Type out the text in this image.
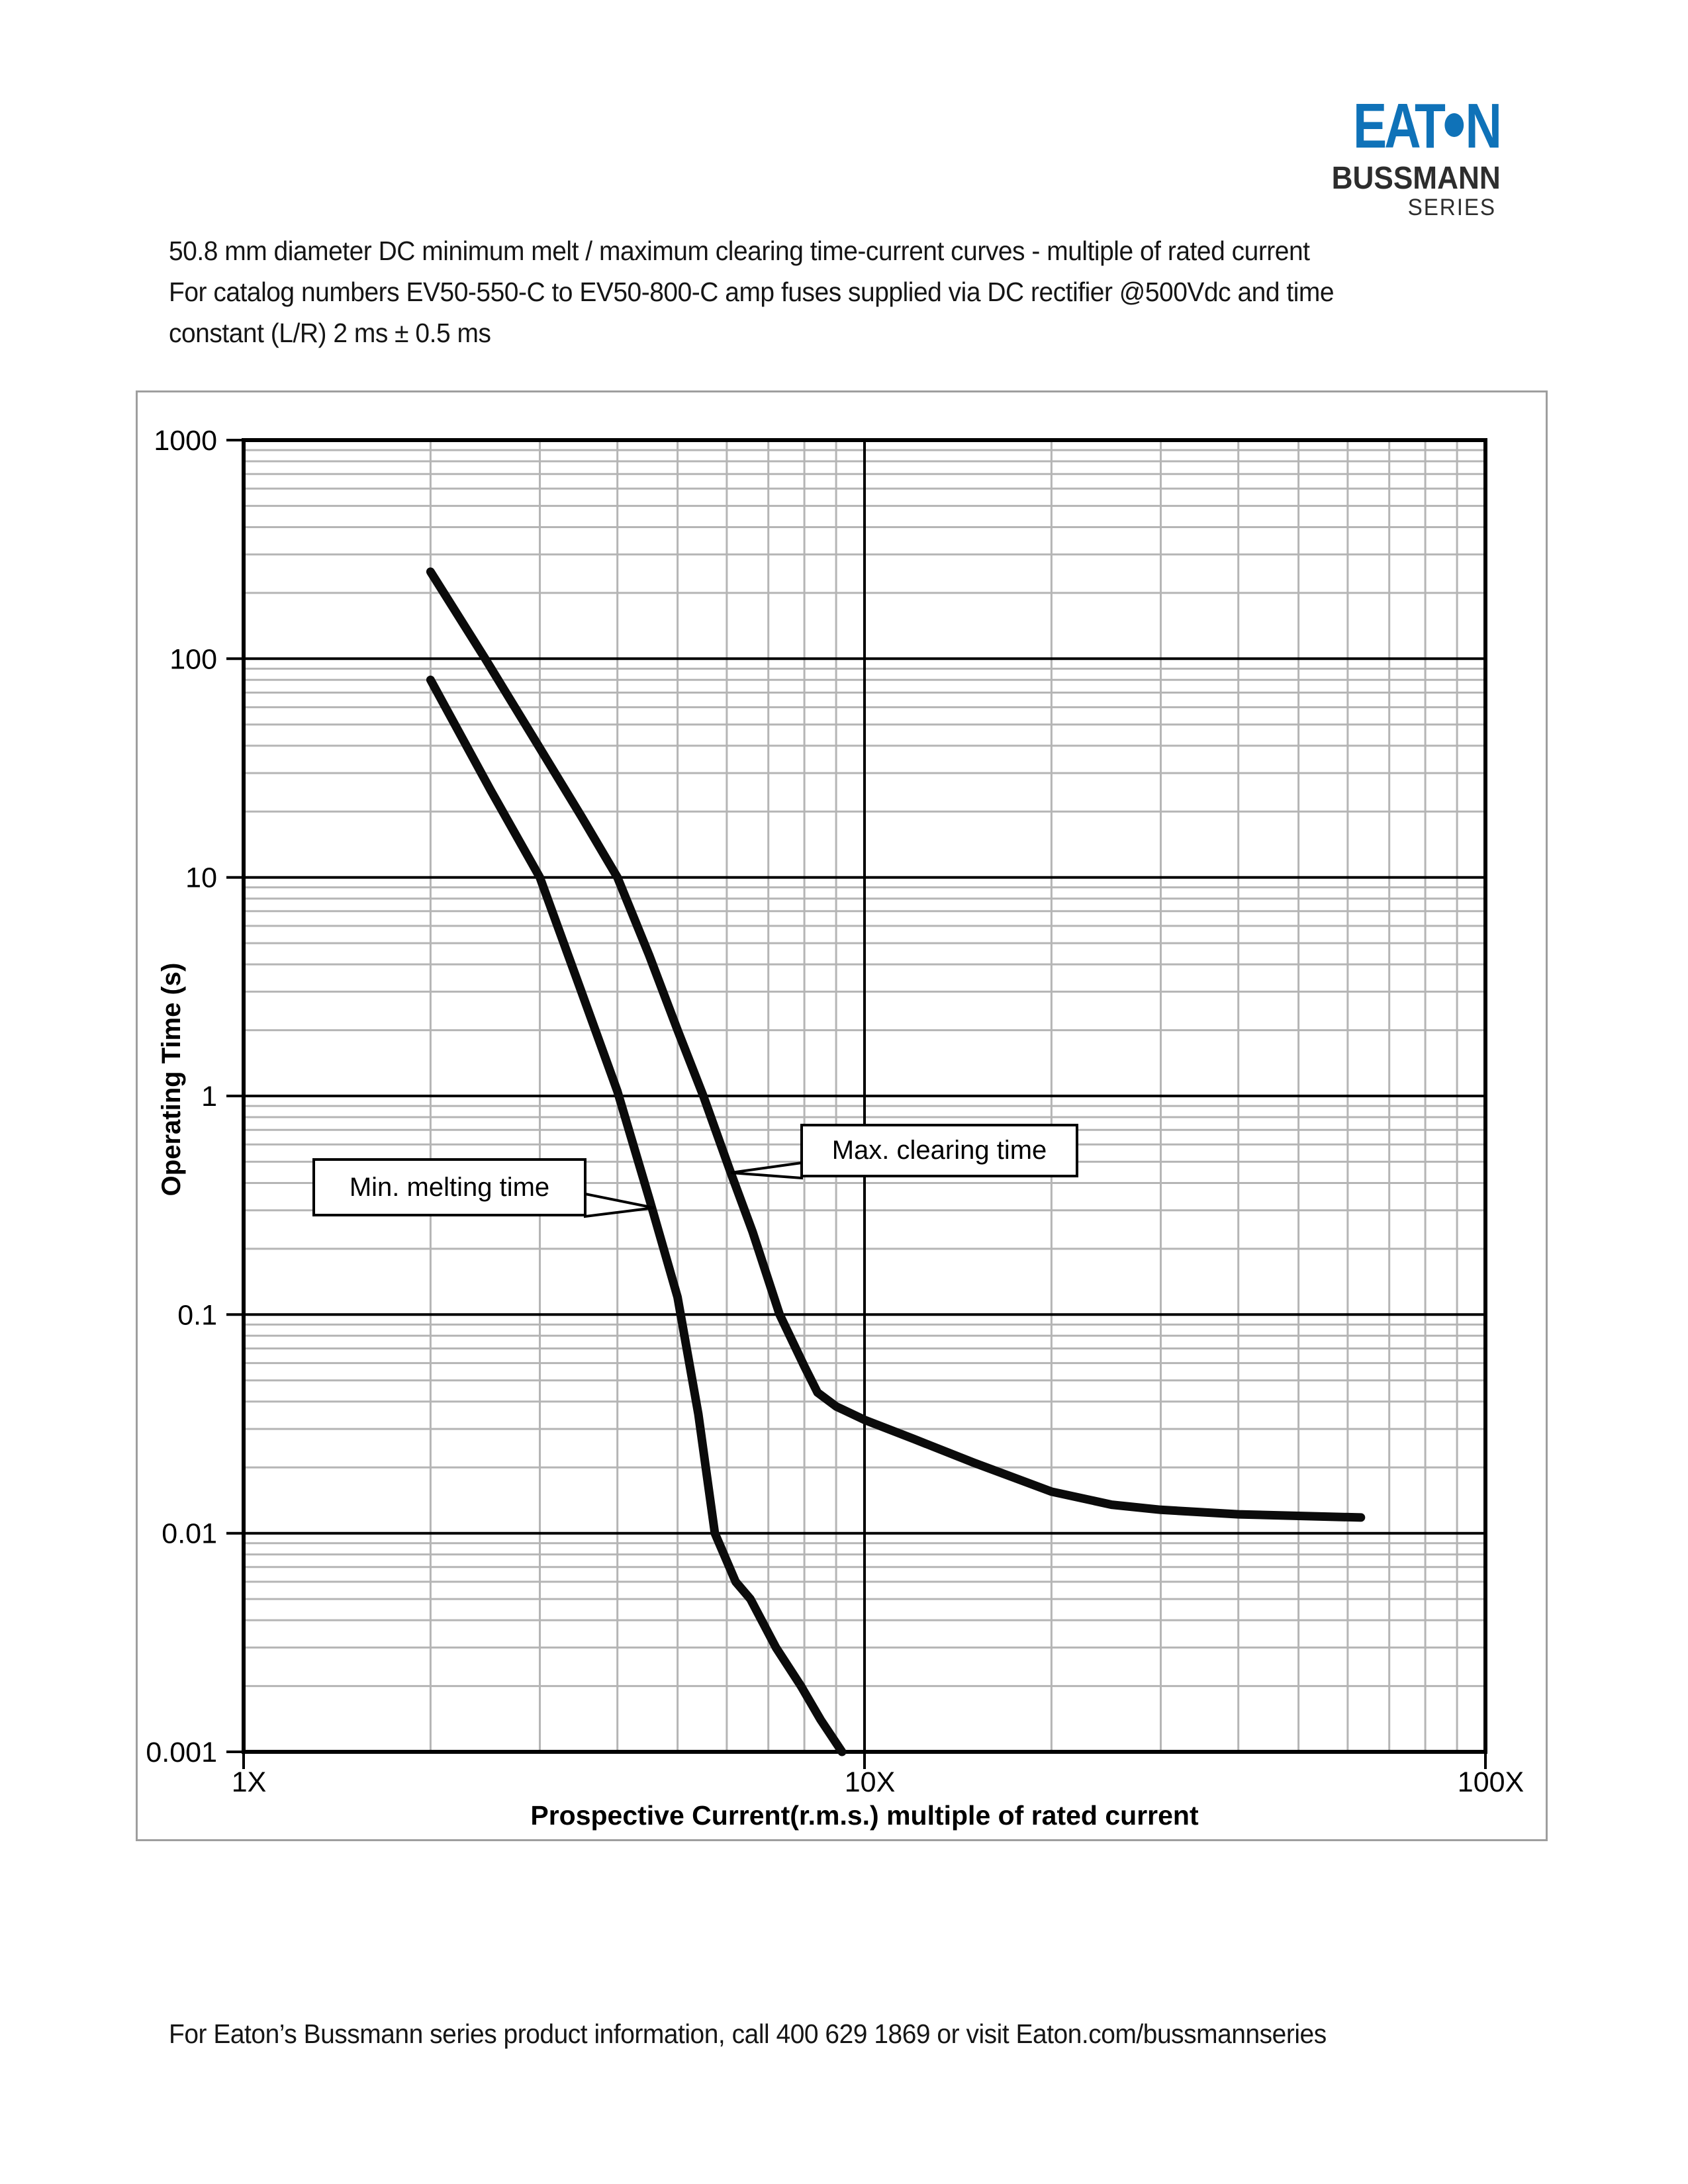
EAT N
BUSSMANN
SERIES
50.8 mm diameter DC minimum melt / maximum clearing time-current curves - multiple of rated current
For catalog numbers EV50-550-C to EV50-800-C amp fuses supplied via DC rectifier @500Vdc and time
constant (L/R) 2 ms ± 0.5 ms
1000
100
10
1
0.1
0.01
0.001
1X	10X	100X
Prospective Current(r.m.s.) multiple of rated current
Operating Time (s)	Min. melting time
Max. clearing time
For Eaton’s Bussmann series product information, call 400 629 1869 or visit Eaton.com/bussmannseries
